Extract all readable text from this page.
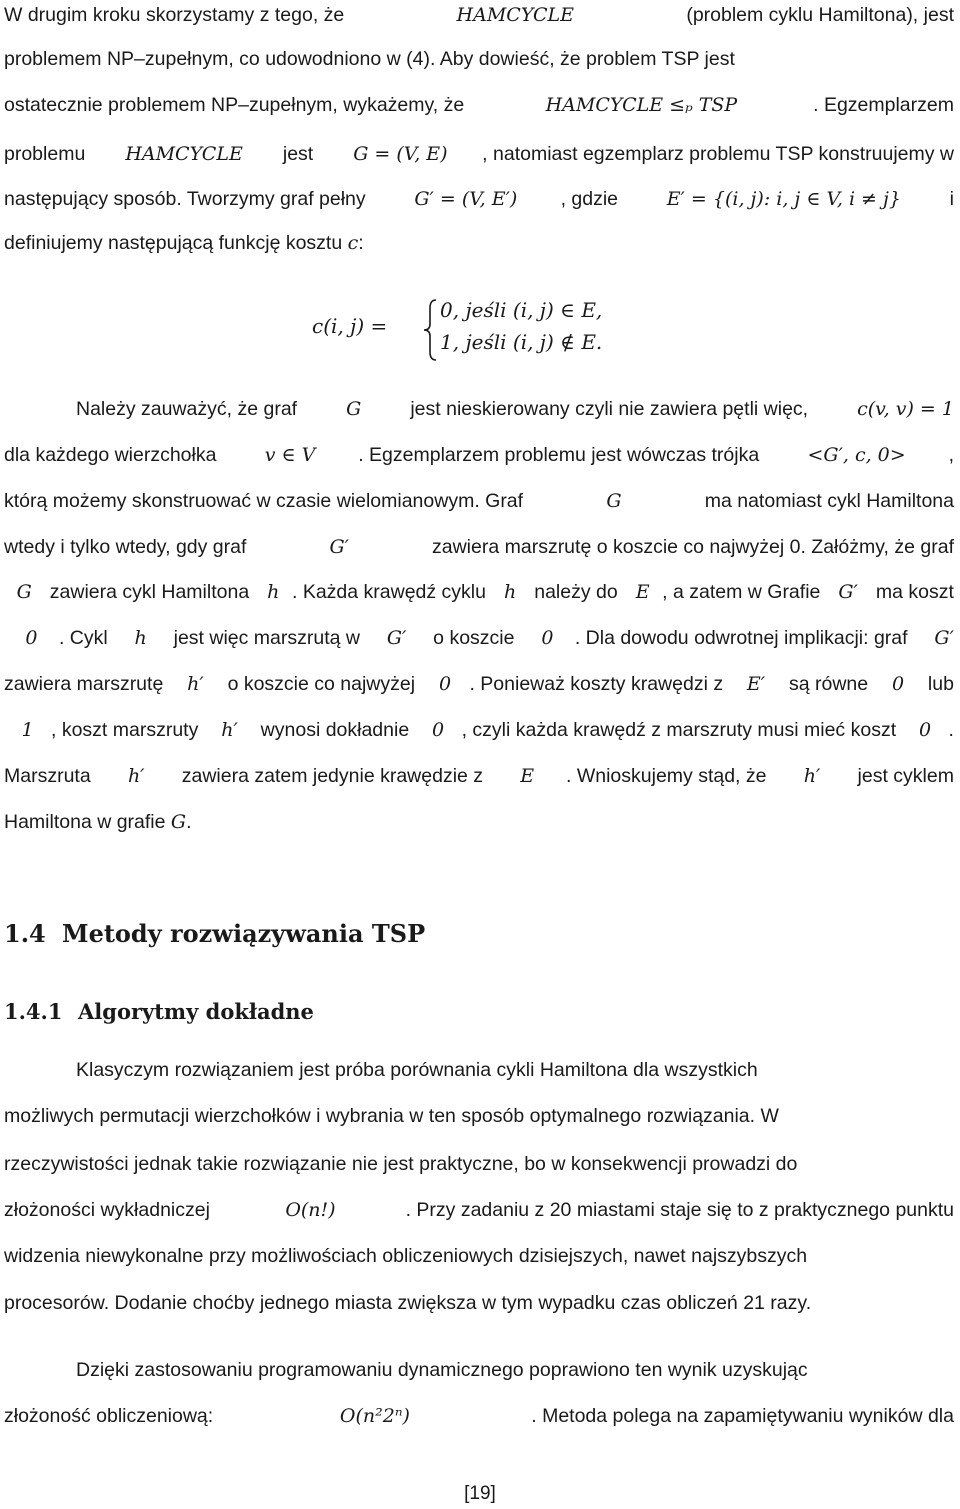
W drugim kroku skorzystamy z tego, że	HAMCYCLE	(problem cyklu Hamiltona), jest
problemem NP–zupełnym, co udowodniono w (4). Aby dowieść, że problem TSP jest
ostatecznie problemem NP–zupełnym, wykażemy, że	HAMCYCLE ≤ₚ TSP	. Egzemplarzem
problemu HAMCYCLE jest G = (V, E) , natomiast egzemplarz problemu TSP konstruujemy w
następujący sposób. Tworzymy graf pełny G′ = (V, E′) , gdzie E′ = {(i, j): i, j ∈ V, i ≠ j} i
definiujemy następującą funkcję kosztu c:
c(i, j) =
0, jeśli (i, j) ∈ E,
1, jeśli (i, j) ∉ E.
Należy zauważyć, że graf G jest nieskierowany czyli nie zawiera pętli więc, c(v, v) = 1
dla każdego wierzchołka v ∈ V . Egzemplarzem problemu jest wówczas trójka <G′, c, 0> ,
którą możemy skonstruować w czasie wielomianowym. Graf	G	ma natomiast cykl Hamiltona
wtedy i tylko wtedy, gdy graf	G′	zawiera marszrutę o koszcie co najwyżej 0. Załóżmy, że graf
G zawiera cykl Hamiltona h . Każda krawędź cyklu h należy do E , a zatem w Grafie G′ ma koszt
0 . Cykl h jest więc marszrutą w G′ o koszcie 0 . Dla dowodu odwrotnej implikacji: graf G′
zawiera marszrutę h′ o koszcie co najwyżej 0 . Ponieważ koszty krawędzi z E′ są równe 0 lub
1 , koszt marszruty h′ wynosi dokładnie 0 , czyli każda krawędź z marszruty musi mieć koszt 0 .
Marszruta h′ zawiera zatem jedynie krawędzie z E . Wnioskujemy stąd, że h′ jest cyklem
Hamiltona w grafie G.
1.4 Metody rozwiązywania TSP
1.4.1 Algorytmy dokładne
Klasyczym rozwiązaniem jest próba porównania cykli Hamiltona dla wszystkich
możliwych permutacji wierzchołków i wybrania w ten sposób optymalnego rozwiązania. W
rzeczywistości jednak takie rozwiązanie nie jest praktyczne, bo w konsekwencji prowadzi do
złożoności wykładniczej	O(n!)	. Przy zadaniu z 20 miastami staje się to z praktycznego punktu
widzenia niewykonalne przy możliwościach obliczeniowych dzisiejszych, nawet najszybszych
procesorów. Dodanie choćby jednego miasta zwiększa w tym wypadku czas obliczeń 21 razy.
Dzięki zastosowaniu programowaniu dynamicznego poprawiono ten wynik uzyskując
złożoność obliczeniową:	O(n²2ⁿ)	. Metoda polega na zapamiętywaniu wyników dla
[19]
